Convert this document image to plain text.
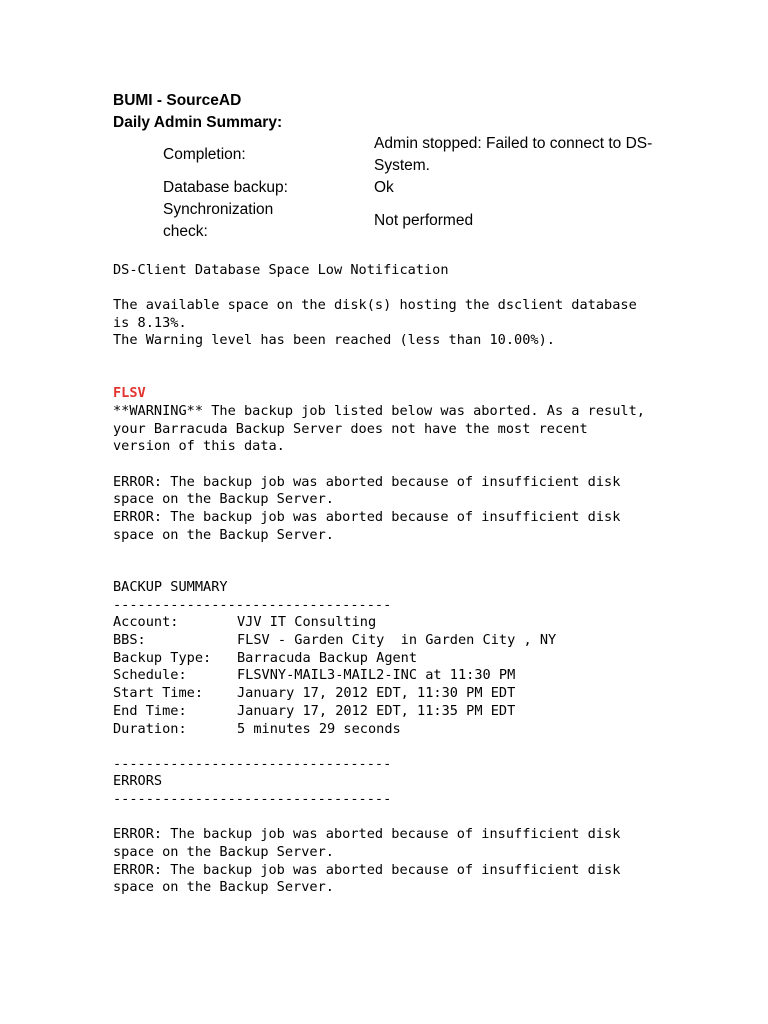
BUMI - SourceAD
Daily Admin Summary:
Completion:
Admin stopped: Failed to connect to DS-System.
Database backup:	Ok
Synchronization check:
Not performed
DS-Client Database Space Low Notification
The available space on the disk(s) hosting the dsclient database
is 8.13%.
The Warning level has been reached (less than 10.00%).
FLSV
**WARNING** The backup job listed below was aborted. As a result,
your Barracuda Backup Server does not have the most recent
version of this data.
ERROR: The backup job was aborted because of insufficient disk
space on the Backup Server.
ERROR: The backup job was aborted because of insufficient disk
space on the Backup Server.
BACKUP SUMMARY
----------------------------------
Account:	VJV IT Consulting
BBS:	FLSV - Garden City  in Garden City , NY
Backup Type: Barracuda Backup Agent
Schedule:	FLSVNY-MAIL3-MAIL2-INC at 11:30 PM
Start Time: January 17, 2012 EDT, 11:30 PM EDT
End Time:	January 17, 2012 EDT, 11:35 PM EDT
Duration:	5 minutes 29 seconds
----------------------------------
ERRORS
----------------------------------
ERROR: The backup job was aborted because of insufficient disk
space on the Backup Server.
ERROR: The backup job was aborted because of insufficient disk
space on the Backup Server.
